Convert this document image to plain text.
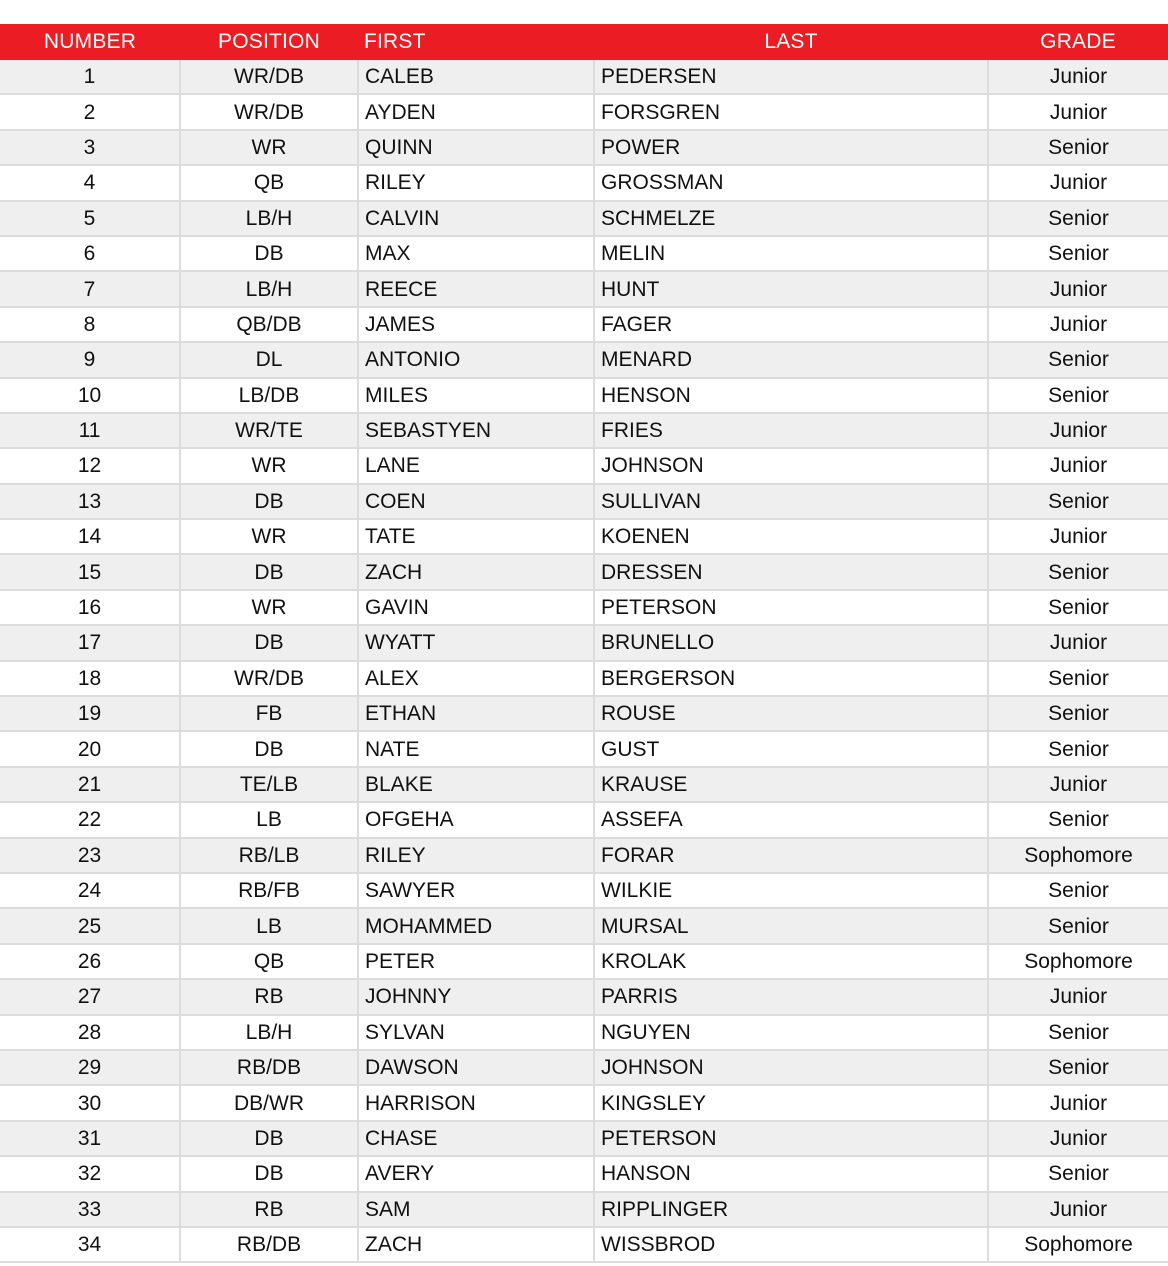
NUMBER	POSITION	FIRST	LAST	GRADE
1	WR/DB	CALEB	PEDERSEN	Junior
2	WR/DB	AYDEN	FORSGREN	Junior
3	WR	QUINN	POWER	Senior
4	QB	RILEY	GROSSMAN	Junior
5	LB/H	CALVIN	SCHMELZE	Senior
6	DB	MAX	MELIN	Senior
7	LB/H	REECE	HUNT	Junior
8	QB/DB	JAMES	FAGER	Junior
9	DL	ANTONIO	MENARD	Senior
10	LB/DB	MILES	HENSON	Senior
11	WR/TE	SEBASTYEN	FRIES	Junior
12	WR	LANE	JOHNSON	Junior
13	DB	COEN	SULLIVAN	Senior
14	WR	TATE	KOENEN	Junior
15	DB	ZACH	DRESSEN	Senior
16	WR	GAVIN	PETERSON	Senior
17	DB	WYATT	BRUNELLO	Junior
18	WR/DB	ALEX	BERGERSON	Senior
19	FB	ETHAN	ROUSE	Senior
20	DB	NATE	GUST	Senior
21	TE/LB	BLAKE	KRAUSE	Junior
22	LB	OFGEHA	ASSEFA	Senior
23	RB/LB	RILEY	FORAR	Sophomore
24	RB/FB	SAWYER	WILKIE	Senior
25	LB	MOHAMMED	MURSAL	Senior
26	QB	PETER	KROLAK	Sophomore
27	RB	JOHNNY	PARRIS	Junior
28	LB/H	SYLVAN	NGUYEN	Senior
29	RB/DB	DAWSON	JOHNSON	Senior
30	DB/WR	HARRISON	KINGSLEY	Junior
31	DB	CHASE	PETERSON	Junior
32	DB	AVERY	HANSON	Senior
33	RB	SAM	RIPPLINGER	Junior
34	RB/DB	ZACH	WISSBROD	Sophomore
